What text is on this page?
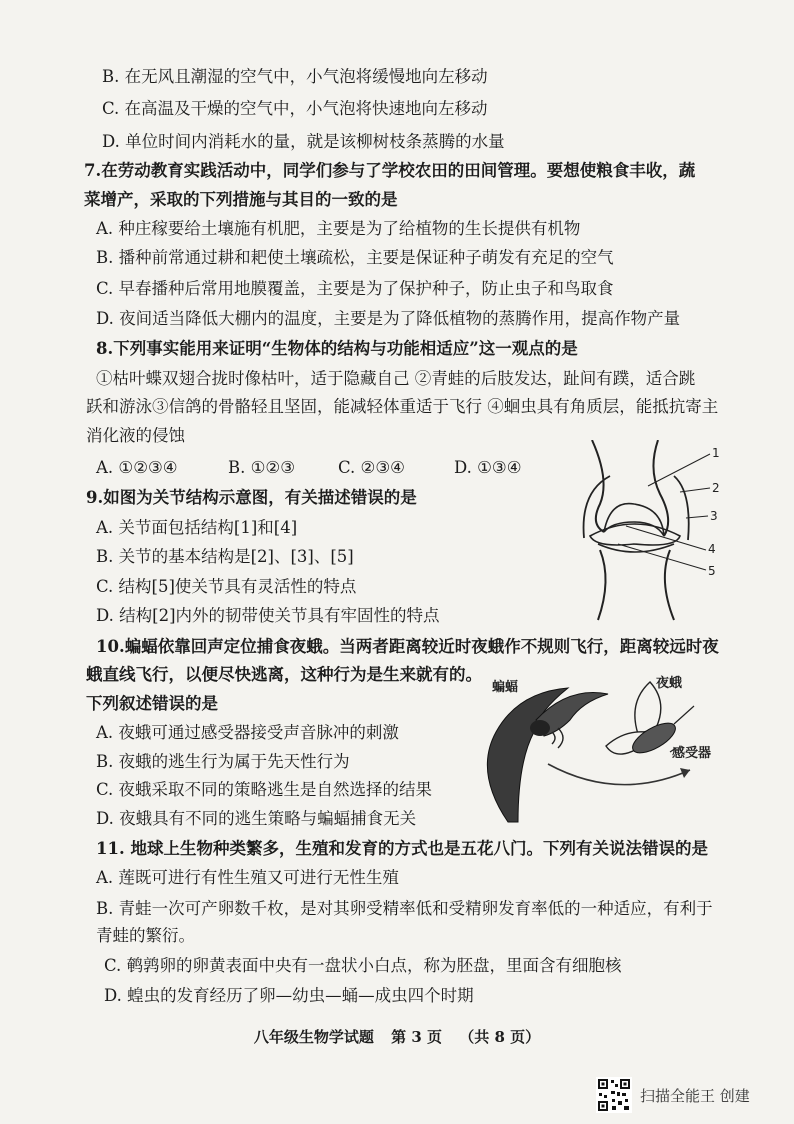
B. 在无风且潮湿的空气中，小气泡将缓慢地向左移动
C. 在高温及干燥的空气中，小气泡将快速地向左移动
D. 单位时间内消耗水的量，就是该柳树枝条蒸腾的水量
7.在劳动教育实践活动中，同学们参与了学校农田的田间管理。要想使粮食丰收，蔬
菜增产，采取的下列措施与其目的一致的是
A. 种庄稼要给土壤施有机肥，主要是为了给植物的生长提供有机物
B. 播种前常通过耕和耙使土壤疏松，主要是保证种子萌发有充足的空气
C. 早春播种后常用地膜覆盖，主要是为了保护种子，防止虫子和鸟取食
D. 夜间适当降低大棚内的温度，主要是为了降低植物的蒸腾作用，提高作物产量
8.下列事实能用来证明“生物体的结构与功能相适应”这一观点的是
①枯叶蝶双翅合拢时像枯叶，适于隐藏自己 ②青蛙的后肢发达，趾间有蹼，适合跳
跃和游泳③信鸽的骨骼轻且坚固，能减轻体重适于飞行 ④蛔虫具有角质层，能抵抗寄主
消化液的侵蚀
A. ①②③④	B. ①②③	C. ②③④	D. ①③④
9.如图为关节结构示意图，有关描述错误的是
A. 关节面包括结构[1]和[4]
B. 关节的基本结构是[2]、[3]、[5]
C. 结构[5]使关节具有灵活性的特点
D. 结构[2]内外的韧带使关节具有牢固性的特点
1
2
3
4
5
10.蝙蝠依靠回声定位捕食夜蛾。当两者距离较近时夜蛾作不规则飞行，距离较远时夜
蛾直线飞行，以便尽快逃离，这种行为是生来就有的。
下列叙述错误的是
A. 夜蛾可通过感受器接受声音脉冲的刺激
B. 夜蛾的逃生行为属于先天性行为
C. 夜蛾采取不同的策略逃生是自然选择的结果
D. 夜蛾具有不同的逃生策略与蝙蝠捕食无关
蝙蝠	夜蛾
感受器
11. 地球上生物种类繁多，生殖和发育的方式也是五花八门。下列有关说法错误的是
A. 莲既可进行有性生殖又可进行无性生殖
B. 青蛙一次可产卵数千枚，是对其卵受精率低和受精卵发育率低的一种适应，有利于
青蛙的繁衍。
C. 鹌鹑卵的卵黄表面中央有一盘状小白点，称为胚盘，里面含有细胞核
D. 蝗虫的发育经历了卵—幼虫—蛹—成虫四个时期
八年级生物学试题 第 3 页 （共 8 页）
扫描全能王 创建
